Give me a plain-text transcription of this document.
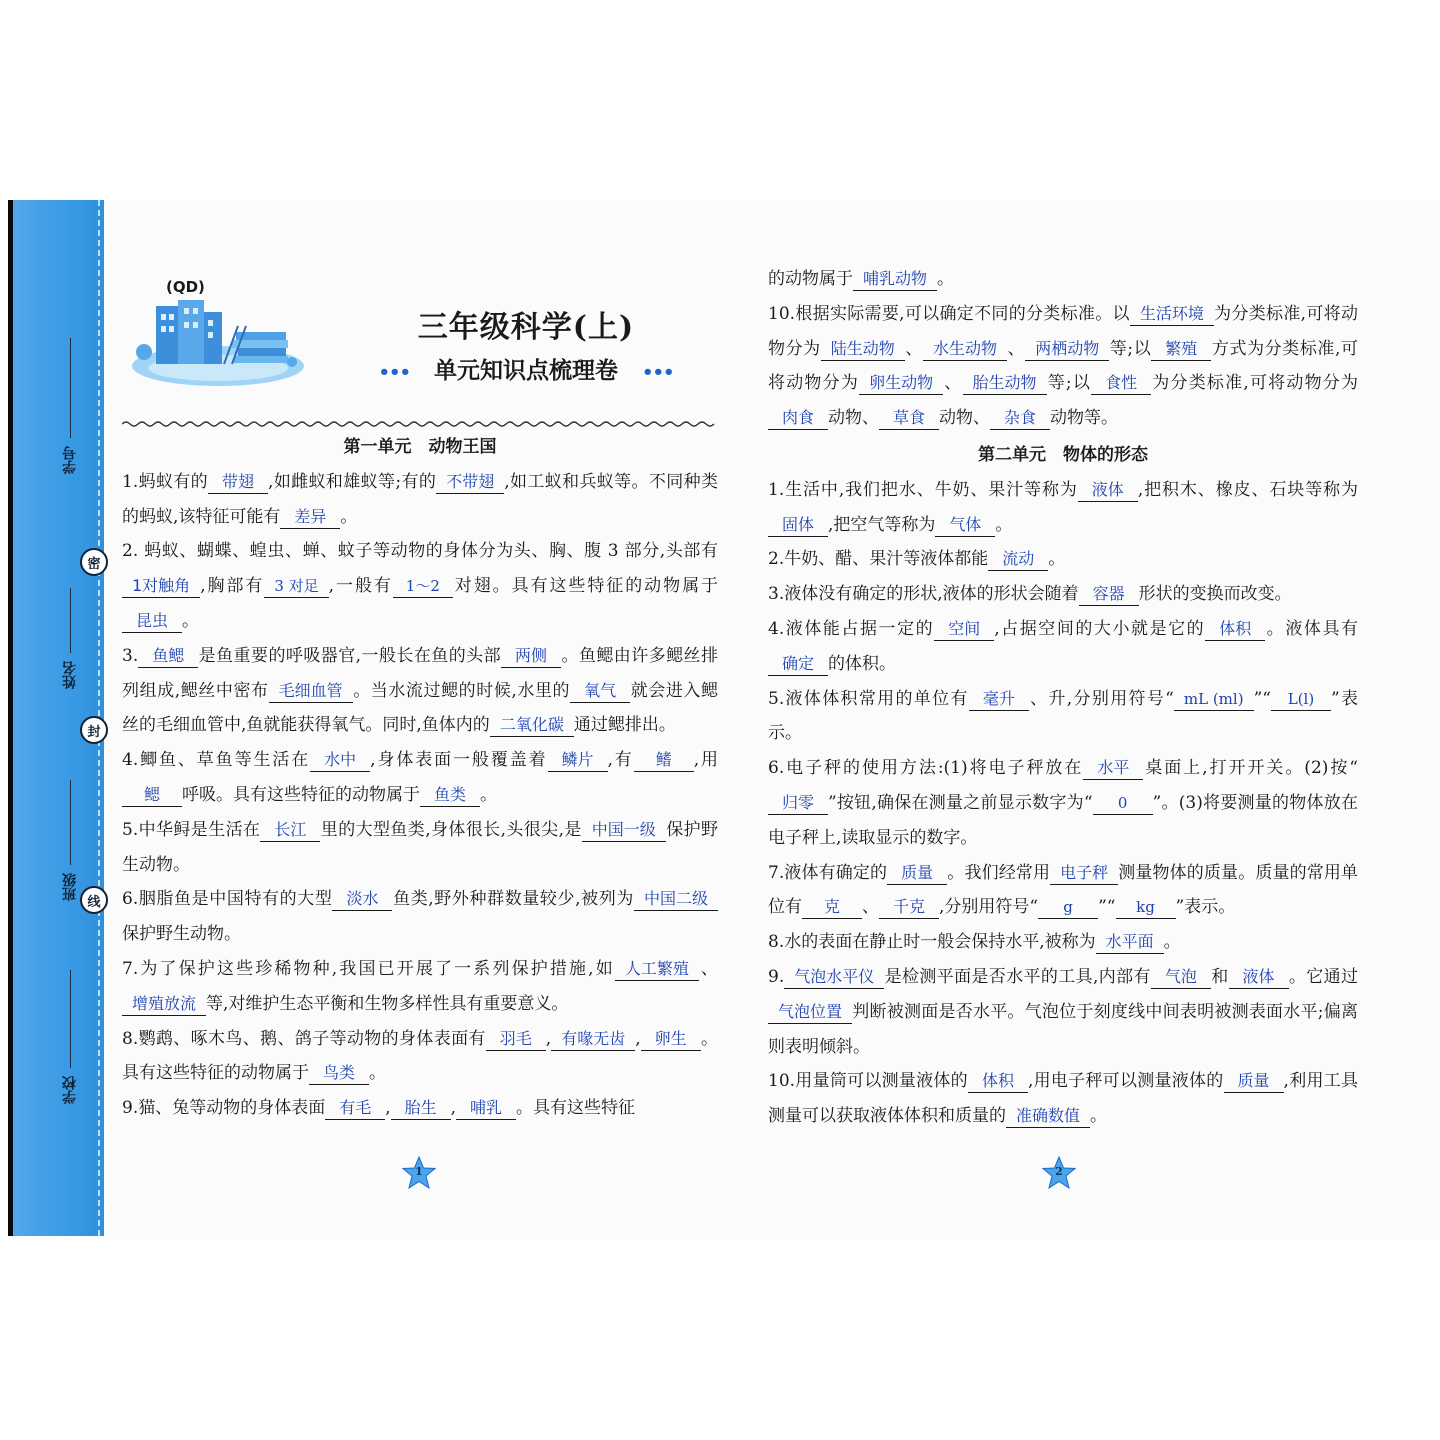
学号
姓名
班级
学校
密
封
线
(QD)
三年级科学(上)
••• 单元知识点梳理卷 •••

第一单元　动物王国

1.蚂蚁有的 带翅 ,如雌蚁和雄蚁等;有的 不带翅 ,如工蚁和兵蚁等。不同种类的蚂蚁,该特征可能有 差异 。

2. 蚂蚁、蝴蝶、蝗虫、蝉、蚊子等动物的身体分为头、胸、腹 3 部分,头部有1对触角 ,胸部有 3 对足 ,一般有 1～2 对翅。具有这些特征的动物属于昆虫 。

3. 鱼鳃 是鱼重要的呼吸器官,一般长在鱼的头部 两侧 。鱼鳃由许多鳃丝排列组成,鳃丝中密布 毛细血管 。当水流过鳃的时候,水里的 氧气 就会进入鳃丝的毛细血管中,鱼就能获得氧气。同时,鱼体内的 二氧化碳 通过鳃排出。

4.鲫鱼、草鱼等生活在 水中 ,身体表面一般覆盖着 鳞片 ,有 鳍 ,用鳃 呼吸。具有这些特征的动物属于 鱼类 。

5.中华鲟是生活在 长江 里的大型鱼类,身体很长,头很尖,是 中国一级 保护野生动物。

6.胭脂鱼是中国特有的大型 淡水 鱼类,野外种群数量较少,被列为 中国二级保护野生动物。

7.为了保护这些珍稀物种,我国已开展了一系列保护措施,如 人工繁殖 、增殖放流 等,对维护生态平衡和生物多样性具有重要意义。

8.鹦鹉、啄木鸟、鹅、鸽子等动物的身体表面有 羽毛 , 有喙无齿 , 卵生 。具有这些特征的动物属于 鸟类 。

9.猫、兔等动物的身体表面 有毛 , 胎生 , 哺乳 。具有这些特征

1

的动物属于 哺乳动物 。

10.根据实际需要,可以确定不同的分类标准。以 生活环境 为分类标准,可将动物分为 陆生动物 、 水生动物 、 两栖动物 等;以 繁殖 方式为分类标准,可将动物分为 卵生动物 、 胎生动物 等;以 食性 为分类标准,可将动物分为肉食 动物、 草食 动物、 杂食 动物等。

第二单元　物体的形态

1.生活中,我们把水、牛奶、果汁等称为 液体 ,把积木、橡皮、石块等称为固体 ,把空气等称为 气体 。

2.牛奶、醋、果汁等液体都能 流动 。

3.液体没有确定的形状,液体的形状会随着 容器 形状的变换而改变。

4.液体能占据一定的 空间 ,占据空间的大小就是它的 体积 。液体具有确定 的体积。

5.液体体积常用的单位有 毫升 、升,分别用符号“ mL (ml) ”“ L(l) ”表示。

6.电子秤的使用方法:(1)将电子秤放在 水平 桌面上,打开开关。(2)按“归零 ”按钮,确保在测量之前显示数字为“ 0 ”。(3)将要测量的物体放在电子秤上,读取显示的数字。

7.液体有确定的 质量 。我们经常用 电子秤 测量物体的质量。质量的常用单位有 克 、 千克 ,分别用符号“ g ”“ kg ”表示。

8.水的表面在静止时一般会保持水平,被称为 水平面 。

9. 气泡水平仪 是检测平面是否水平的工具,内部有 气泡 和 液体 。它通过气泡位置 判断被测面是否水平。气泡位于刻度线中间表明被测表面水平;偏离则表明倾斜。

10.用量筒可以测量液体的 体积 ,用电子秤可以测量液体的 质量 ,利用工具测量可以获取液体体积和质量的 准确数值 。

2
